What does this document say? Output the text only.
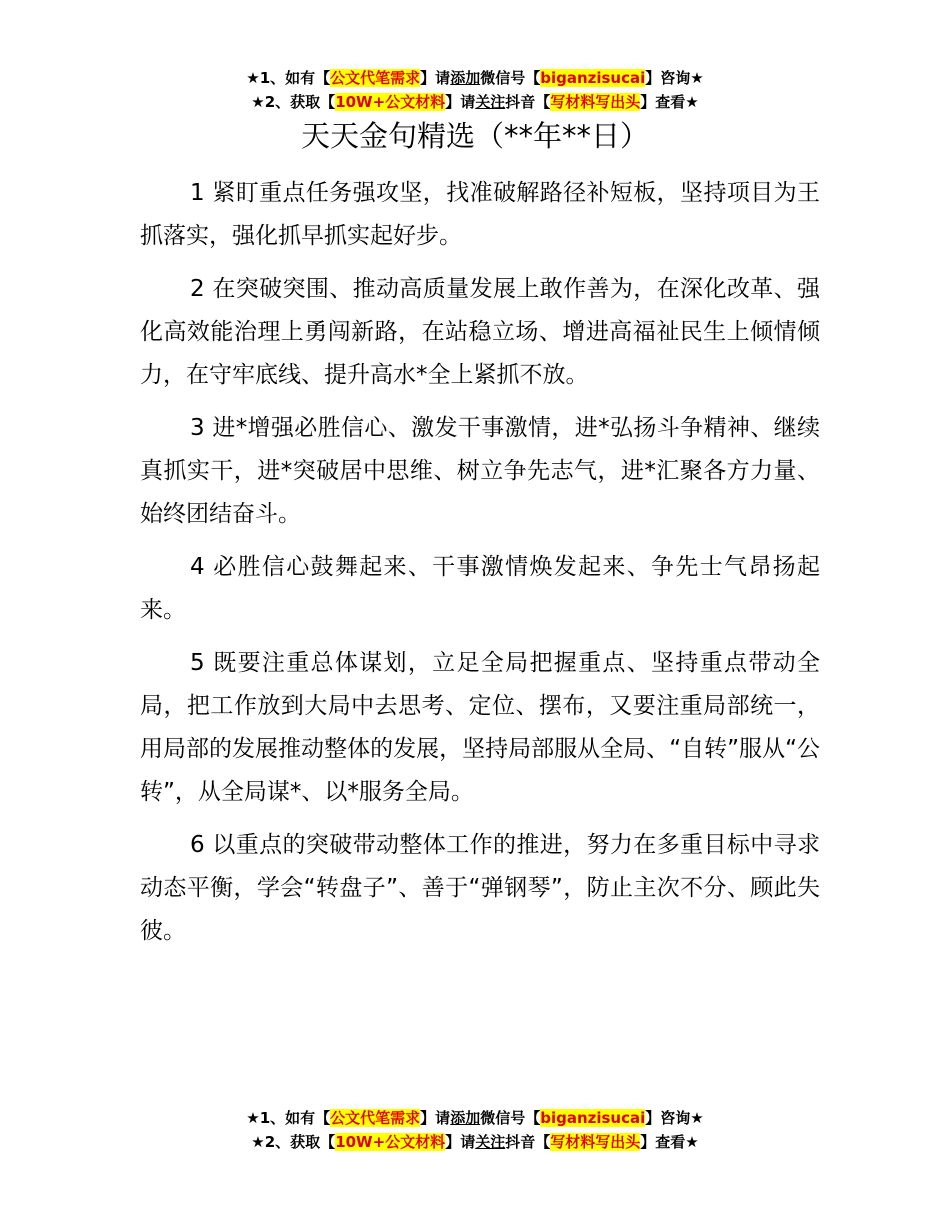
★1、如有【公文代笔需求】请添加微信号【biganzisucai】咨询★
★2、获取【10W+公文材料】请关注抖音【写材料写出头】查看★
天天金句精选（**年**日）

1 紧盯重点任务强攻坚，找准破解路径补短板，坚持项目为王抓落实，强化抓早抓实起好步。

2 在突破突围、推动高质量发展上敢作善为，在深化改革、强化高效能治理上勇闯新路，在站稳立场、增进高福祉民生上倾情倾力，在守牢底线、提升高水*全上紧抓不放。

3 进*增强必胜信心、激发干事激情，进*弘扬斗争精神、继续真抓实干，进*突破居中思维、树立争先志气，进*汇聚各方力量、始终团结奋斗。

4 必胜信心鼓舞起来、干事激情焕发起来、争先士气昂扬起来。

5 既要注重总体谋划，立足全局把握重点、坚持重点带动全局，把工作放到大局中去思考、定位、摆布，又要注重局部统一，用局部的发展推动整体的发展，坚持局部服从全局、“自转”服从“公转”，从全局谋*、以*服务全局。

6 以重点的突破带动整体工作的推进，努力在多重目标中寻求动态平衡，学会“转盘子”、善于“弹钢琴”，防止主次不分、顾此失彼。

★1、如有【公文代笔需求】请添加微信号【biganzisucai】咨询★
★2、获取【10W+公文材料】请关注抖音【写材料写出头】查看★
